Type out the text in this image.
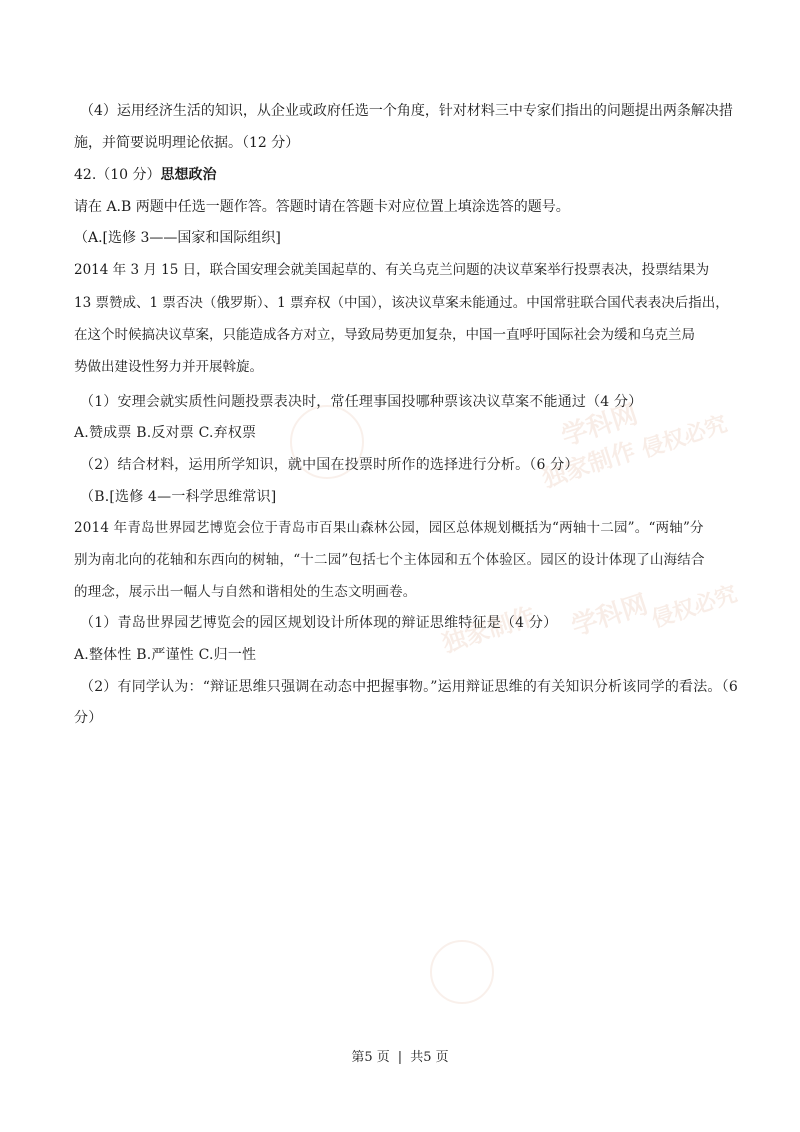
学科网
独家制作 侵权必究
学科网
独家制作	侵权必究
（4）运用经济生活的知识，从企业或政府任选一个角度，针对材料三中专家们指出的问题提出两条解决措
施，并简要说明理论依据。（12 分）
42.（10 分）思想政治
请在 A.B 两题中任选一题作答。答题时请在答题卡对应位置上填涂选答的题号。
（A.[选修 3——国家和国际组织]
2014 年 3 月 15 日，联合国安理会就美国起草的、有关乌克兰问题的决议草案举行投票表决，投票结果为
13 票赞成、1 票否决（俄罗斯）、1 票弃权（中国），该决议草案未能通过。中国常驻联合国代表表决后指出，
在这个时候搞决议草案，只能造成各方对立，导致局势更加复杂，中国一直呼吁国际社会为缓和乌克兰局
势做出建设性努力并开展斡旋。
（1）安理会就实质性问题投票表决时，常任理事国投哪种票该决议草案不能通过（4 分）
A.赞成票 B.反对票 C.弃权票
（2）结合材料，运用所学知识，就中国在投票时所作的选择进行分析。（6 分）
（B.[选修 4—一科学思维常识]
2014 年青岛世界园艺博览会位于青岛市百果山森林公园，园区总体规划概括为“两轴十二园”。“两轴”分
别为南北向的花轴和东西向的树轴，“十二园”包括七个主体园和五个体验区。园区的设计体现了山海结合
的理念，展示出一幅人与自然和谐相处的生态文明画卷。
（1）青岛世界园艺博览会的园区规划设计所体现的辩证思维特征是（4 分）
A.整体性 B.严谨性 C.归一性
（2）有同学认为：“辩证思维只强调在动态中把握事物。”运用辩证思维的有关知识分析该同学的看法。（6
分）
第5 页 | 共5 页
